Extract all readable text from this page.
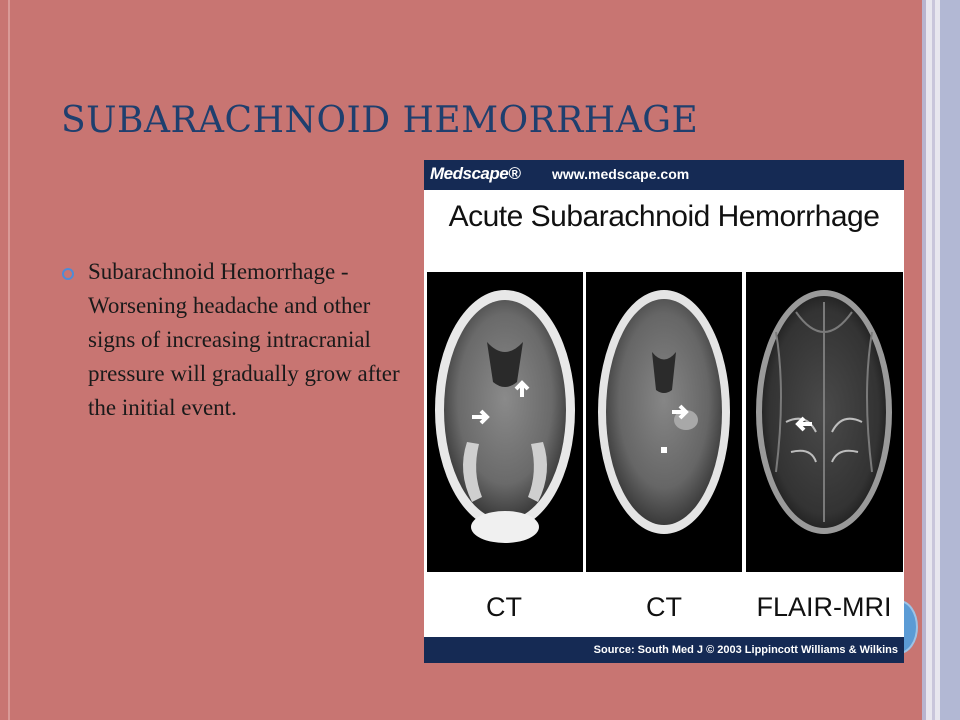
SUBARACHNOID HEMORRHAGE
Subarachnoid Hemorrhage - Worsening headache and other signs of increasing intracranial pressure will gradually grow after the initial event.
Medscape® www.medscape.com
Acute Subarachnoid Hemorrhage
CT	CT	FLAIR-MRI
Source: South Med J © 2003 Lippincott Williams & Wilkins
